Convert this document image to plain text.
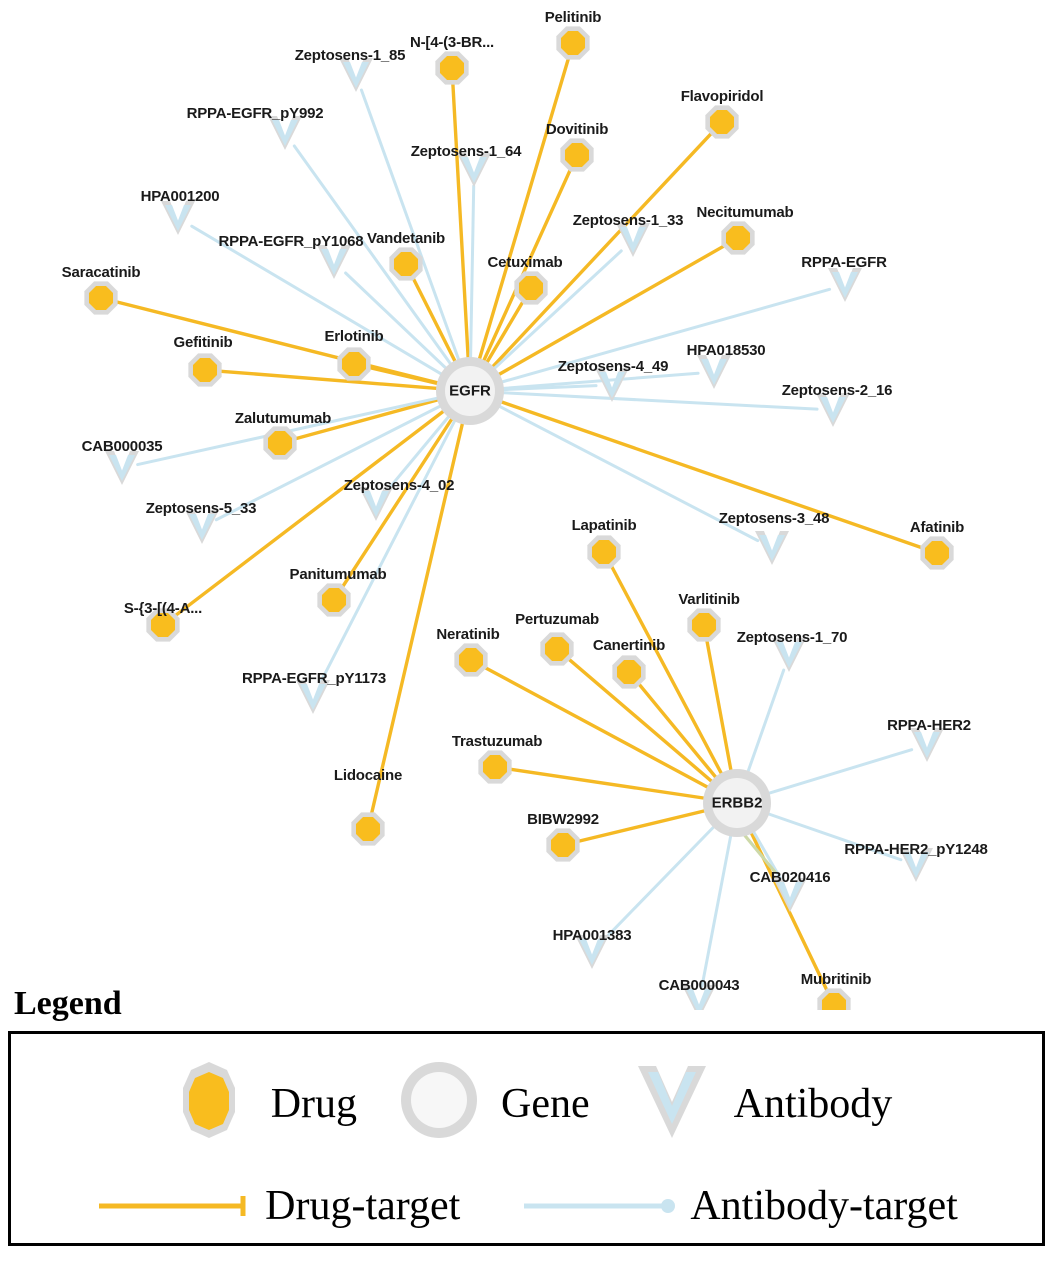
Pelitinib
N-[4-(3-BR...
Flavopiridol
Dovitinib
Necitumumab
Vandetanib
Cetuximab
Saracatinib
Gefitinib	Erlotinib
Zalutumumab
Afatinib
Lapatinib
Panitumumab
S-{3-[(4-A...
Varlitinib
Neratinib
Pertuzumab
Canertinib
Trastuzumab
Lidocaine
BIBW2992
Mubritinib
Zeptosens-1_85
RPPA-EGFR_pY992
Zeptosens-1_64
HPA001200
Zeptosens-1_33
RPPA-EGFR_pY1068
RPPA-EGFR
HPA018530
Zeptosens-4_49
Zeptosens-2_16
CAB000035
Zeptosens-5_33
Zeptosens-4_02
Zeptosens-3_48
Zeptosens-1_70
RPPA-EGFR_pY1173
RPPA-HER2
RPPA-HER2_pY1248
CAB020416
HPA001383
CAB000043
EGFR
ERBB2
Legend
Drug	Gene	Antibody
Drug-target	Antibody-target
